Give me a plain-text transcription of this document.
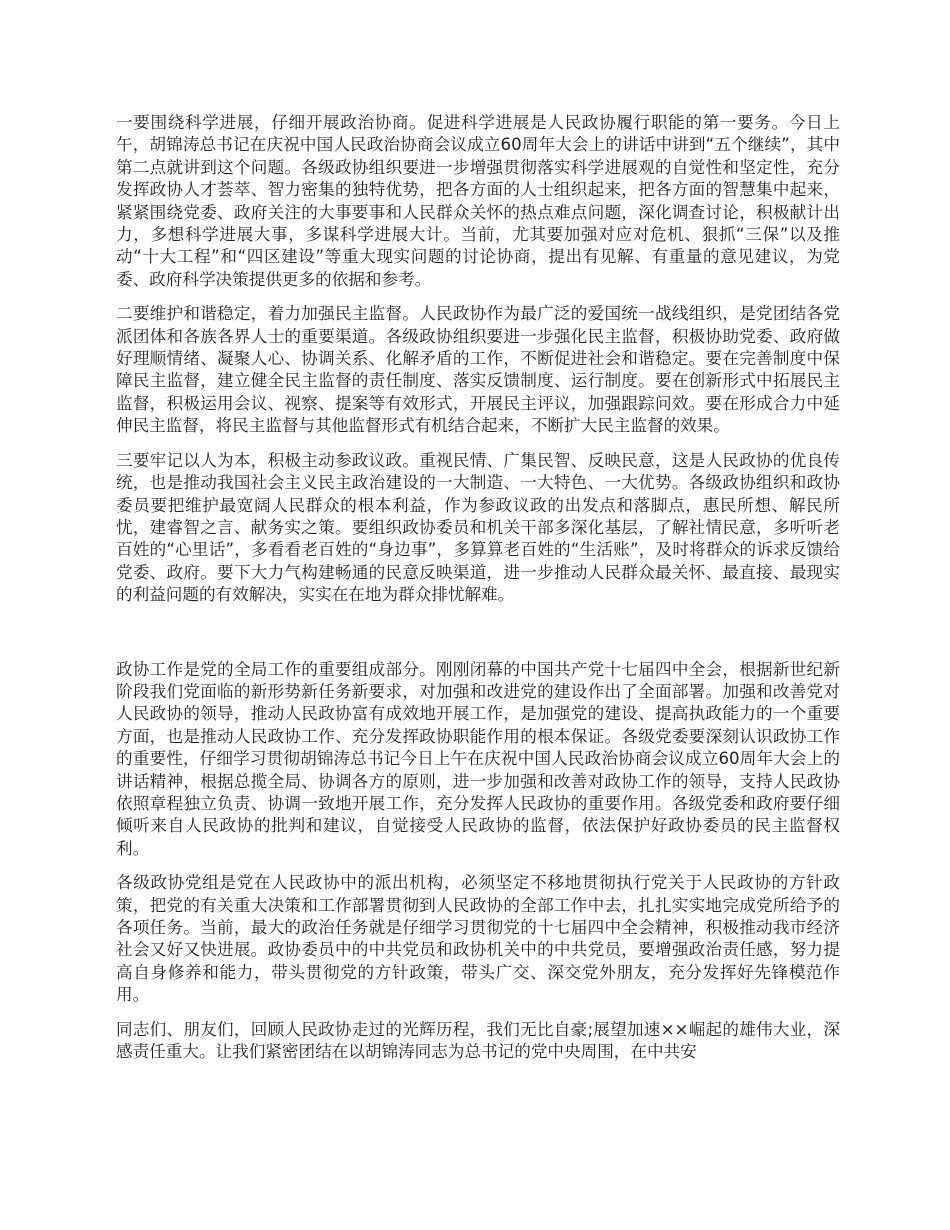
一要围绕科学进展，仔细开展政治协商。促进科学进展是人民政协履行职能的第一要务。今日上午，胡锦涛总书记在庆祝中国人民政治协商会议成立60周年大会上的讲话中讲到“五个继续”，其中第二点就讲到这个问题。各级政协组织要进一步增强贯彻落实科学进展观的自觉性和坚定性，充分发挥政协人才荟萃、智力密集的独特优势，把各方面的人士组织起来，把各方面的智慧集中起来，紧紧围绕党委、政府关注的大事要事和人民群众关怀的热点难点问题，深化调查讨论，积极献计出力，多想科学进展大事，多谋科学进展大计。当前，尤其要加强对应对危机、狠抓“三保”以及推动“十大工程”和“四区建设”等重大现实问题的讨论协商，提出有见解、有重量的意见建议，为党委、政府科学决策提供更多的依据和参考。

二要维护和谐稳定，着力加强民主监督。人民政协作为最广泛的爱国统一战线组织，是党团结各党派团体和各族各界人士的重要渠道。各级政协组织要进一步强化民主监督，积极协助党委、政府做好理顺情绪、凝聚人心、协调关系、化解矛盾的工作，不断促进社会和谐稳定。要在完善制度中保障民主监督，建立健全民主监督的责任制度、落实反馈制度、运行制度。要在创新形式中拓展民主监督，积极运用会议、视察、提案等有效形式，开展民主评议，加强跟踪问效。要在形成合力中延伸民主监督，将民主监督与其他监督形式有机结合起来，不断扩大民主监督的效果。

三要牢记以人为本，积极主动参政议政。重视民情、广集民智、反映民意，这是人民政协的优良传统，也是推动我国社会主义民主政治建设的一大制造、一大特色、一大优势。各级政协组织和政协委员要把维护最宽阔人民群众的根本利益，作为参政议政的出发点和落脚点，惠民所想、解民所忧，建睿智之言、献务实之策。要组织政协委员和机关干部多深化基层，了解社情民意，多听听老百姓的“心里话”，多看看老百姓的“身边事”，多算算老百姓的“生活账”，及时将群众的诉求反馈给党委、政府。要下大力气构建畅通的民意反映渠道，进一步推动人民群众最关怀、最直接、最现实的利益问题的有效解决，实实在在地为群众排忧解难。

政协工作是党的全局工作的重要组成部分。刚刚闭幕的中国共产党十七届四中全会，根据新世纪新阶段我们党面临的新形势新任务新要求，对加强和改进党的建设作出了全面部署。加强和改善党对人民政协的领导，推动人民政协富有成效地开展工作，是加强党的建设、提高执政能力的一个重要方面，也是推动人民政协工作、充分发挥政协职能作用的根本保证。各级党委要深刻认识政协工作的重要性，仔细学习贯彻胡锦涛总书记今日上午在庆祝中国人民政治协商会议成立60周年大会上的讲话精神，根据总揽全局、协调各方的原则，进一步加强和改善对政协工作的领导，支持人民政协依照章程独立负责、协调一致地开展工作，充分发挥人民政协的重要作用。各级党委和政府要仔细倾听来自人民政协的批判和建议，自觉接受人民政协的监督，依法保护好政协委员的民主监督权利。

各级政协党组是党在人民政协中的派出机构，必须坚定不移地贯彻执行党关于人民政协的方针政策，把党的有关重大决策和工作部署贯彻到人民政协的全部工作中去，扎扎实实地完成党所给予的各项任务。当前，最大的政治任务就是仔细学习贯彻党的十七届四中全会精神，积极推动我市经济社会又好又快进展。政协委员中的中共党员和政协机关中的中共党员，要增强政治责任感，努力提高自身修养和能力，带头贯彻党的方针政策，带头广交、深交党外朋友，充分发挥好先锋模范作用。

同志们、朋友们，回顾人民政协走过的光辉历程，我们无比自豪;展望加速××崛起的雄伟大业，深感责任重大。让我们紧密团结在以胡锦涛同志为总书记的党中央周围，在中共安
